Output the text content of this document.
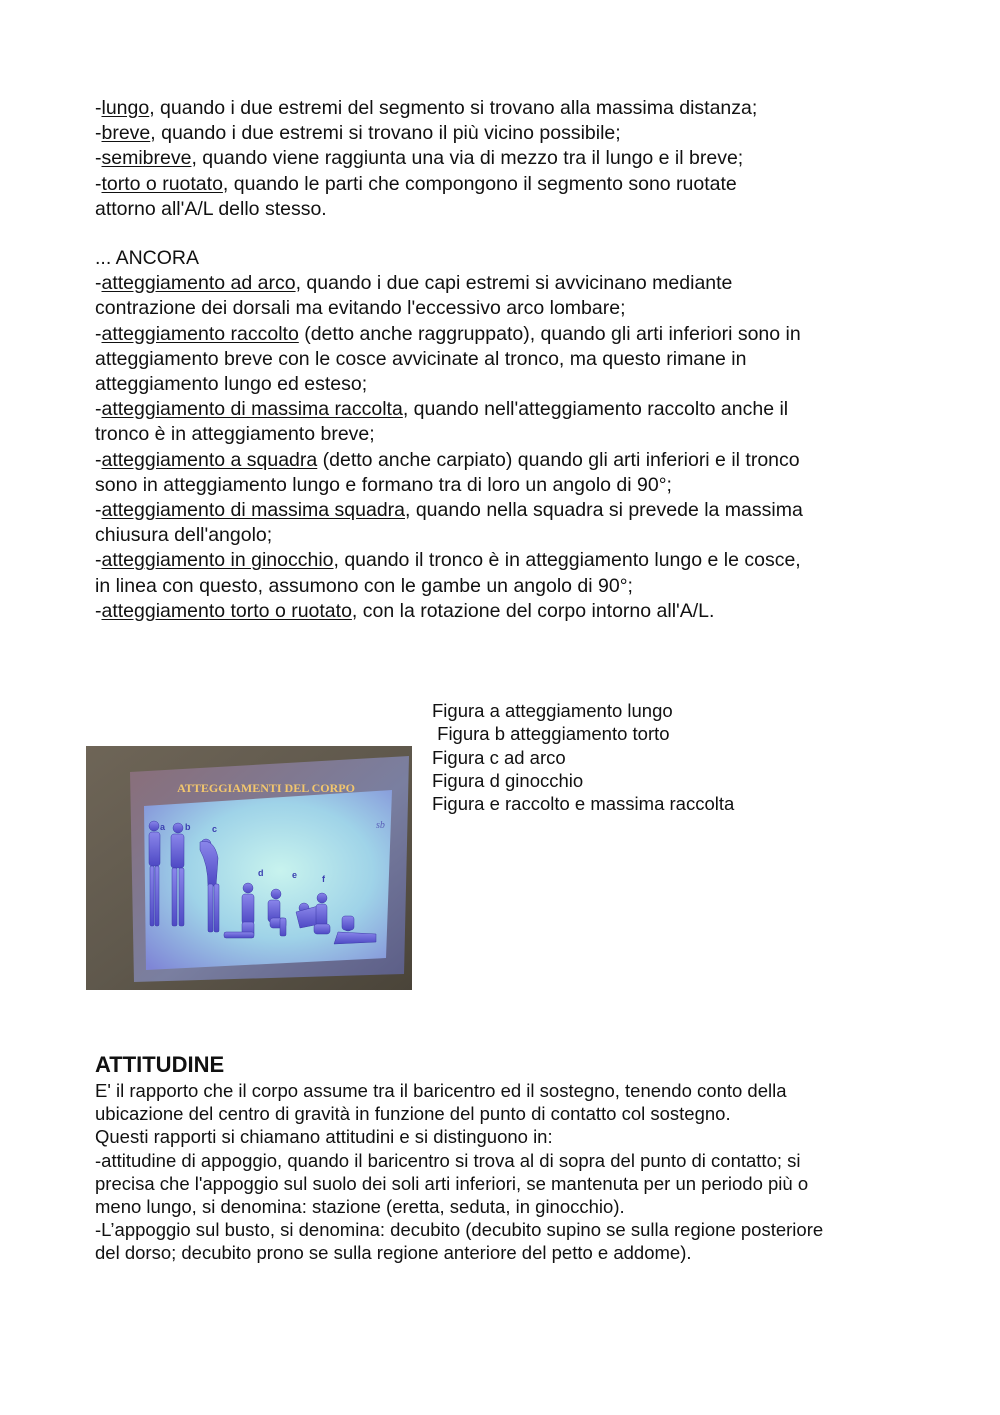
-lungo, quando i due estremi del segmento si trovano alla massima distanza;
-breve, quando i due estremi si trovano il più vicino possibile;
-semibreve, quando viene raggiunta una via di mezzo tra il lungo e il breve;
-torto o ruotato, quando le parti che compongono il segmento sono ruotate
attorno all'A/L dello stesso.
... ANCORA
-atteggiamento ad arco, quando i due capi estremi si avvicinano mediante
contrazione dei dorsali ma evitando l'eccessivo arco lombare;
-atteggiamento raccolto (detto anche raggruppato), quando gli arti inferiori sono in
atteggiamento breve con le cosce avvicinate al tronco, ma questo rimane in
atteggiamento lungo ed esteso;
-atteggiamento di massima raccolta, quando nell'atteggiamento raccolto anche il
tronco è in atteggiamento breve;
-atteggiamento a squadra (detto anche carpiato) quando gli arti inferiori e il tronco
sono in atteggiamento lungo e formano tra di loro un angolo di 90°;
-atteggiamento di massima squadra, quando nella squadra si prevede la massima
chiusura dell'angolo;
-atteggiamento in ginocchio, quando il tronco è in atteggiamento lungo e le cosce,
in linea con questo, assumono con le gambe un angolo di 90°;
-atteggiamento torto o ruotato, con la rotazione del corpo intorno all'A/L.
Figura a atteggiamento lungo
Figura b atteggiamento torto
Figura c ad arco
Figura d ginocchio
Figura e raccolto e massima raccolta
ATTEGGIAMENTI DEL CORPO
sb
a b c
d	e	f
ATTITUDINE
E' il rapporto che il corpo assume tra il baricentro ed il sostegno, tenendo conto della
ubicazione del centro di gravità in funzione del punto di contatto col sostegno.
Questi rapporti si chiamano attitudini e si distinguono in:
-attitudine di appoggio, quando il baricentro si trova al di sopra del punto di contatto; si
precisa che l'appoggio sul suolo dei soli arti inferiori, se mantenuta per un periodo più o
meno lungo, si denomina: stazione (eretta, seduta, in ginocchio).
-L’appoggio sul busto, si denomina: decubito (decubito supino se sulla regione posteriore
del dorso; decubito prono se sulla regione anteriore del petto e addome).
